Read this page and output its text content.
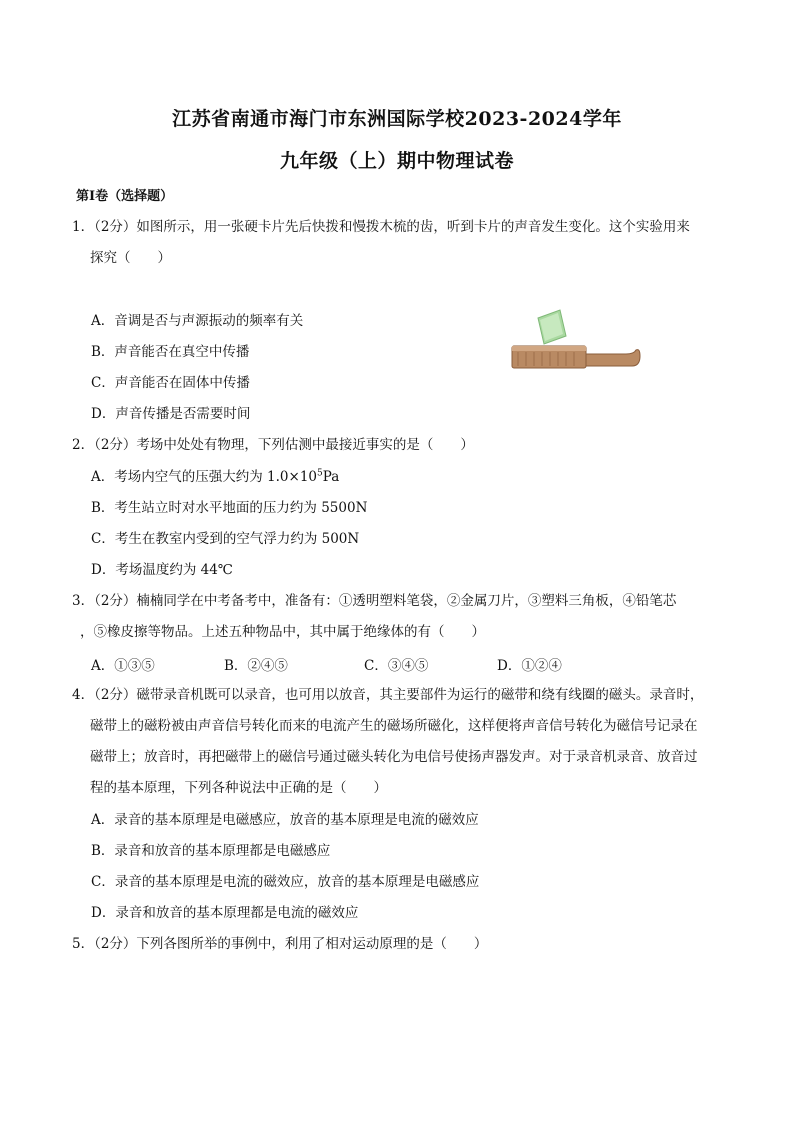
江苏省南通市海门市东洲国际学校2023-2024学年
九年级（上）期中物理试卷
第Ⅰ卷（选择题）
1．（2分）如图所示，用一张硬卡片先后快拨和慢拨木梳的齿，听到卡片的声音发生变化。这个实验用来
探究（　　）
A．音调是否与声源振动的频率有关
B．声音能否在真空中传播
C．声音能否在固体中传播
D．声音传播是否需要时间
2．（2分）考场中处处有物理，下列估测中最接近事实的是（　　）
A．考场内空气的压强大约为 $1.0\times 10^5Pa$
B．考生站立时对水平地面的压力约为 5500N
C．考生在教室内受到的空气浮力约为 500N
D．考场温度约为 44℃
3．（2分）楠楠同学在中考备考中，准备有：①透明塑料笔袋，②金属刀片，③塑料三角板，④铅笔芯
，⑤橡皮擦等物品。上述五种物品中，其中属于绝缘体的有（　　）
A．①③⑤	B．②④⑤	C．③④⑤	D．①②④
4．（2分）磁带录音机既可以录音，也可用以放音，其主要部件为运行的磁带和绕有线圈的磁头。录音时，
磁带上的磁粉被由声音信号转化而来的电流产生的磁场所磁化，这样便将声音信号转化为磁信号记录在
磁带上；放音时，再把磁带上的磁信号通过磁头转化为电信号使扬声器发声。对于录音机录音、放音过
程的基本原理，下列各种说法中正确的是（　　）
A．录音的基本原理是电磁感应，放音的基本原理是电流的磁效应
B．录音和放音的基本原理都是电磁感应
C．录音的基本原理是电流的磁效应，放音的基本原理是电磁感应
D．录音和放音的基本原理都是电流的磁效应
5．（2分）下列各图所举的事例中，利用了相对运动原理的是（　　）
